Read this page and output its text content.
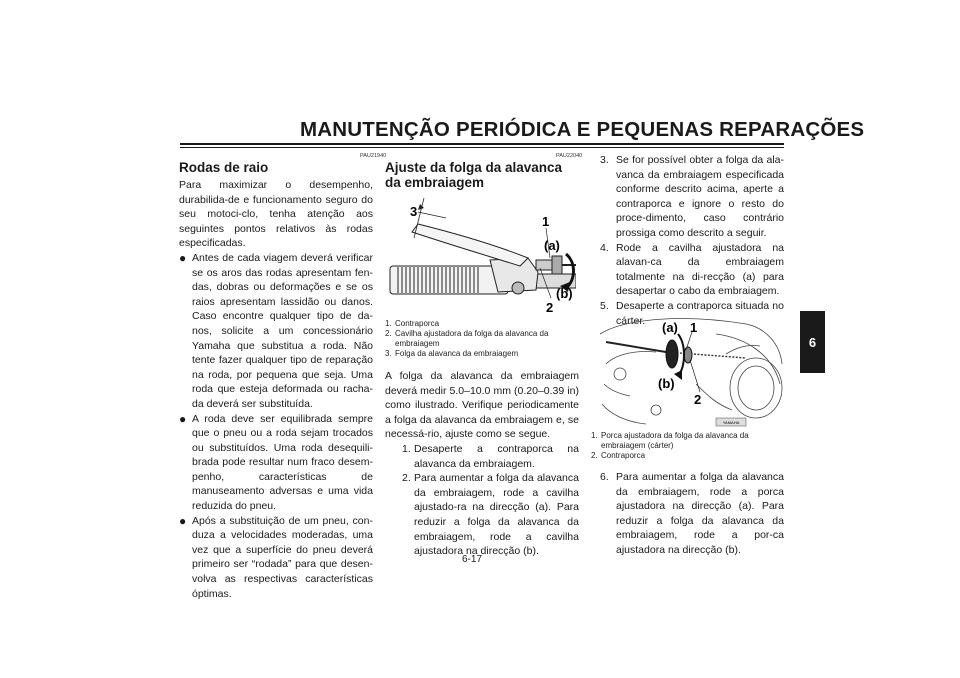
MANUTENÇÃO PERIÓDICA E PEQUENAS REPARAÇÕES
6
PAU21940
Rodas de raio

Para maximizar o desempenho, durabilida-de e funcionamento seguro do seu motoci-clo, tenha atenção aos seguintes pontos relativos às rodas especificadas.

● Antes de cada viagem deverá verificar se os aros das rodas apresentam fen-das, dobras ou deformações e se os raios apresentam lassidão ou danos. Caso encontre qualquer tipo de da-nos, solicite a um concessionário Yamaha que substitua a roda. Não tente fazer qualquer tipo de reparação na roda, por pequena que seja. Uma roda que esteja deformada ou racha-da deverá ser substituída.
● A roda deve ser equilibrada sempre que o pneu ou a roda sejam trocados ou substituídos. Uma roda desequili-brada pode resultar num fraco desem-penho, características de manuseamento adversas e uma vida reduzida do pneu.
● Após a substituição de um pneu, con-duza a velocidades moderadas, uma vez que a superfície do pneu deverá primeiro ser “rodada” para que desen-volva as respectivas características óptimas.
PAU22040
Ajuste da folga da alavanca da embraiagem
3
1
(a)
(b)
2
1. Contraporca
2. Cavilha ajustadora da folga da alavanca da embraiagem
3. Folga da alavanca da embraiagem

A folga da alavanca da embraiagem deverá medir 5.0–10.0 mm (0.20–0.39 in) como ilustrado. Verifique periodicamente a folga da alavanca da embraiagem e, se necessá-rio, ajuste como se segue.

1. Desaperte a contraporca na alavanca da embraiagem.
2. Para aumentar a folga da alavanca da embraiagem, rode a cavilha ajustado-ra na direcção (a). Para reduzir a folga da alavanca da embraiagem, rode a cavilha ajustadora na direcção (b).
3. Se for possível obter a folga da ala-vanca da embraiagem especificada conforme descrito acima, aperte a contraporca e ignore o resto do proce-dimento, caso contrário prossiga como descrito a seguir.
4. Rode a cavilha ajustadora na alavan-ca da embraiagem totalmente na di-recção (a) para desapertar o cabo da embraiagem.
5. Desaperte a contraporca situada no cárter.
YAMAHA
(a) 1
(b)
2
1. Porca ajustadora da folga da alavanca da embraiagem (cárter)
2. Contraporca
6. Para aumentar a folga da alavanca da embraiagem, rode a porca ajustadora na direcção (a). Para reduzir a folga da alavanca da embraiagem, rode a por-ca ajustadora na direcção (b).
6-17
